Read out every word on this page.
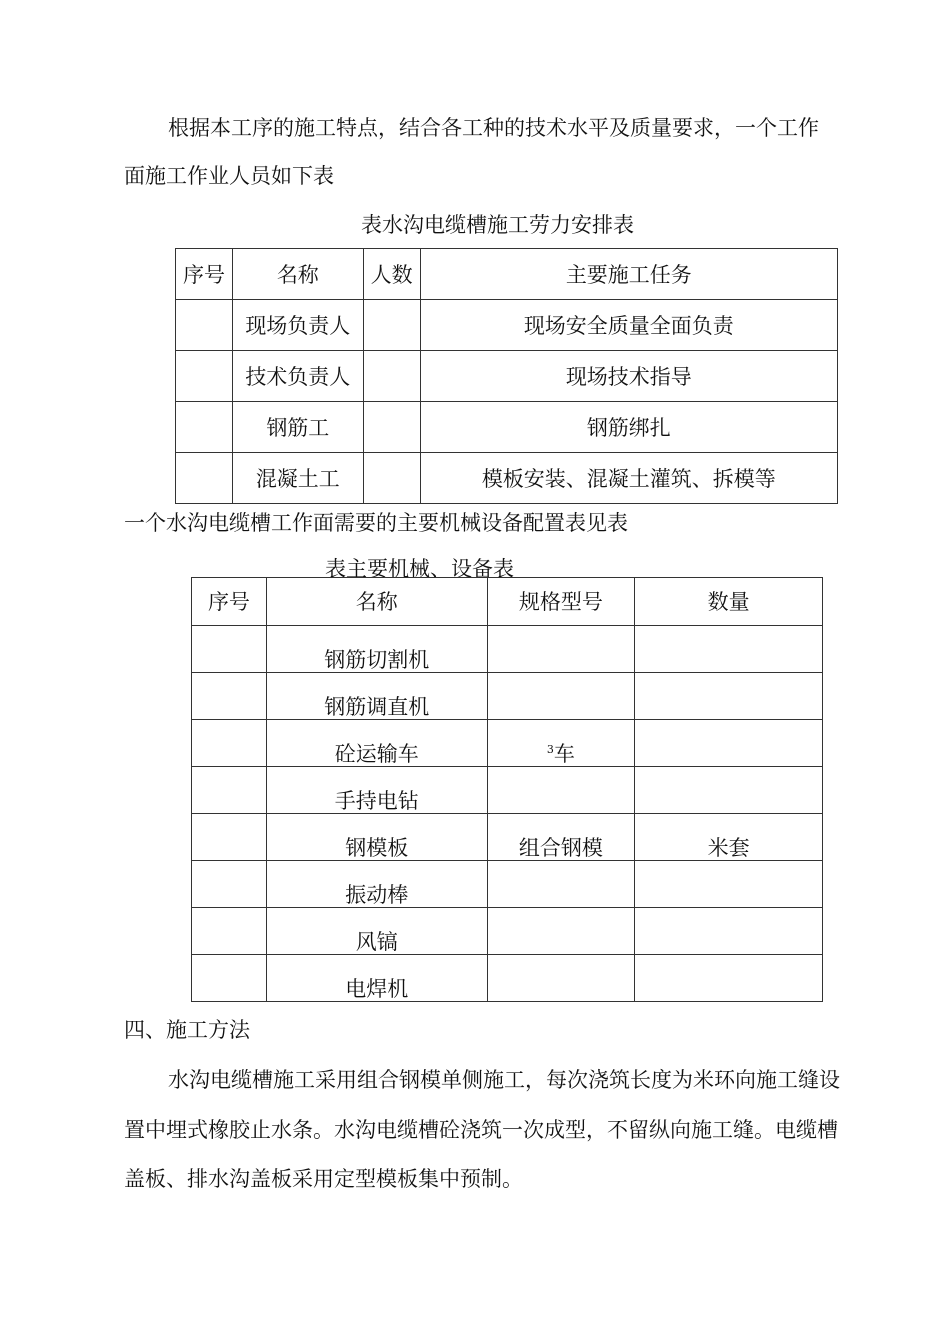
根据本工序的施工特点，结合各工种的技术水平及质量要求，一个工作
面施工作业人员如下表
表水沟电缆槽施工劳力安排表
序号	名称	人数	主要施工任务
	现场负责人		现场安全质量全面负责
	技术负责人		现场技术指导
	钢筋工		钢筋绑扎
	混凝土工		模板安装、混凝土灌筑、拆模等
一个水沟电缆槽工作面需要的主要机械设备配置表见表
表主要机械、设备表
序号	名称	规格型号	数量
	钢筋切割机		
	钢筋调直机		
	砼运输车	$^3$车	
	手持电钻		
	钢模板	组合钢模	米套
	振动棒		
	风镐		
	电焊机		
四、施工方法
水沟电缆槽施工采用组合钢模单侧施工，每次浇筑长度为米环向施工缝设
置中埋式橡胶止水条。水沟电缆槽砼浇筑一次成型，不留纵向施工缝。电缆槽
盖板、排水沟盖板采用定型模板集中预制。
